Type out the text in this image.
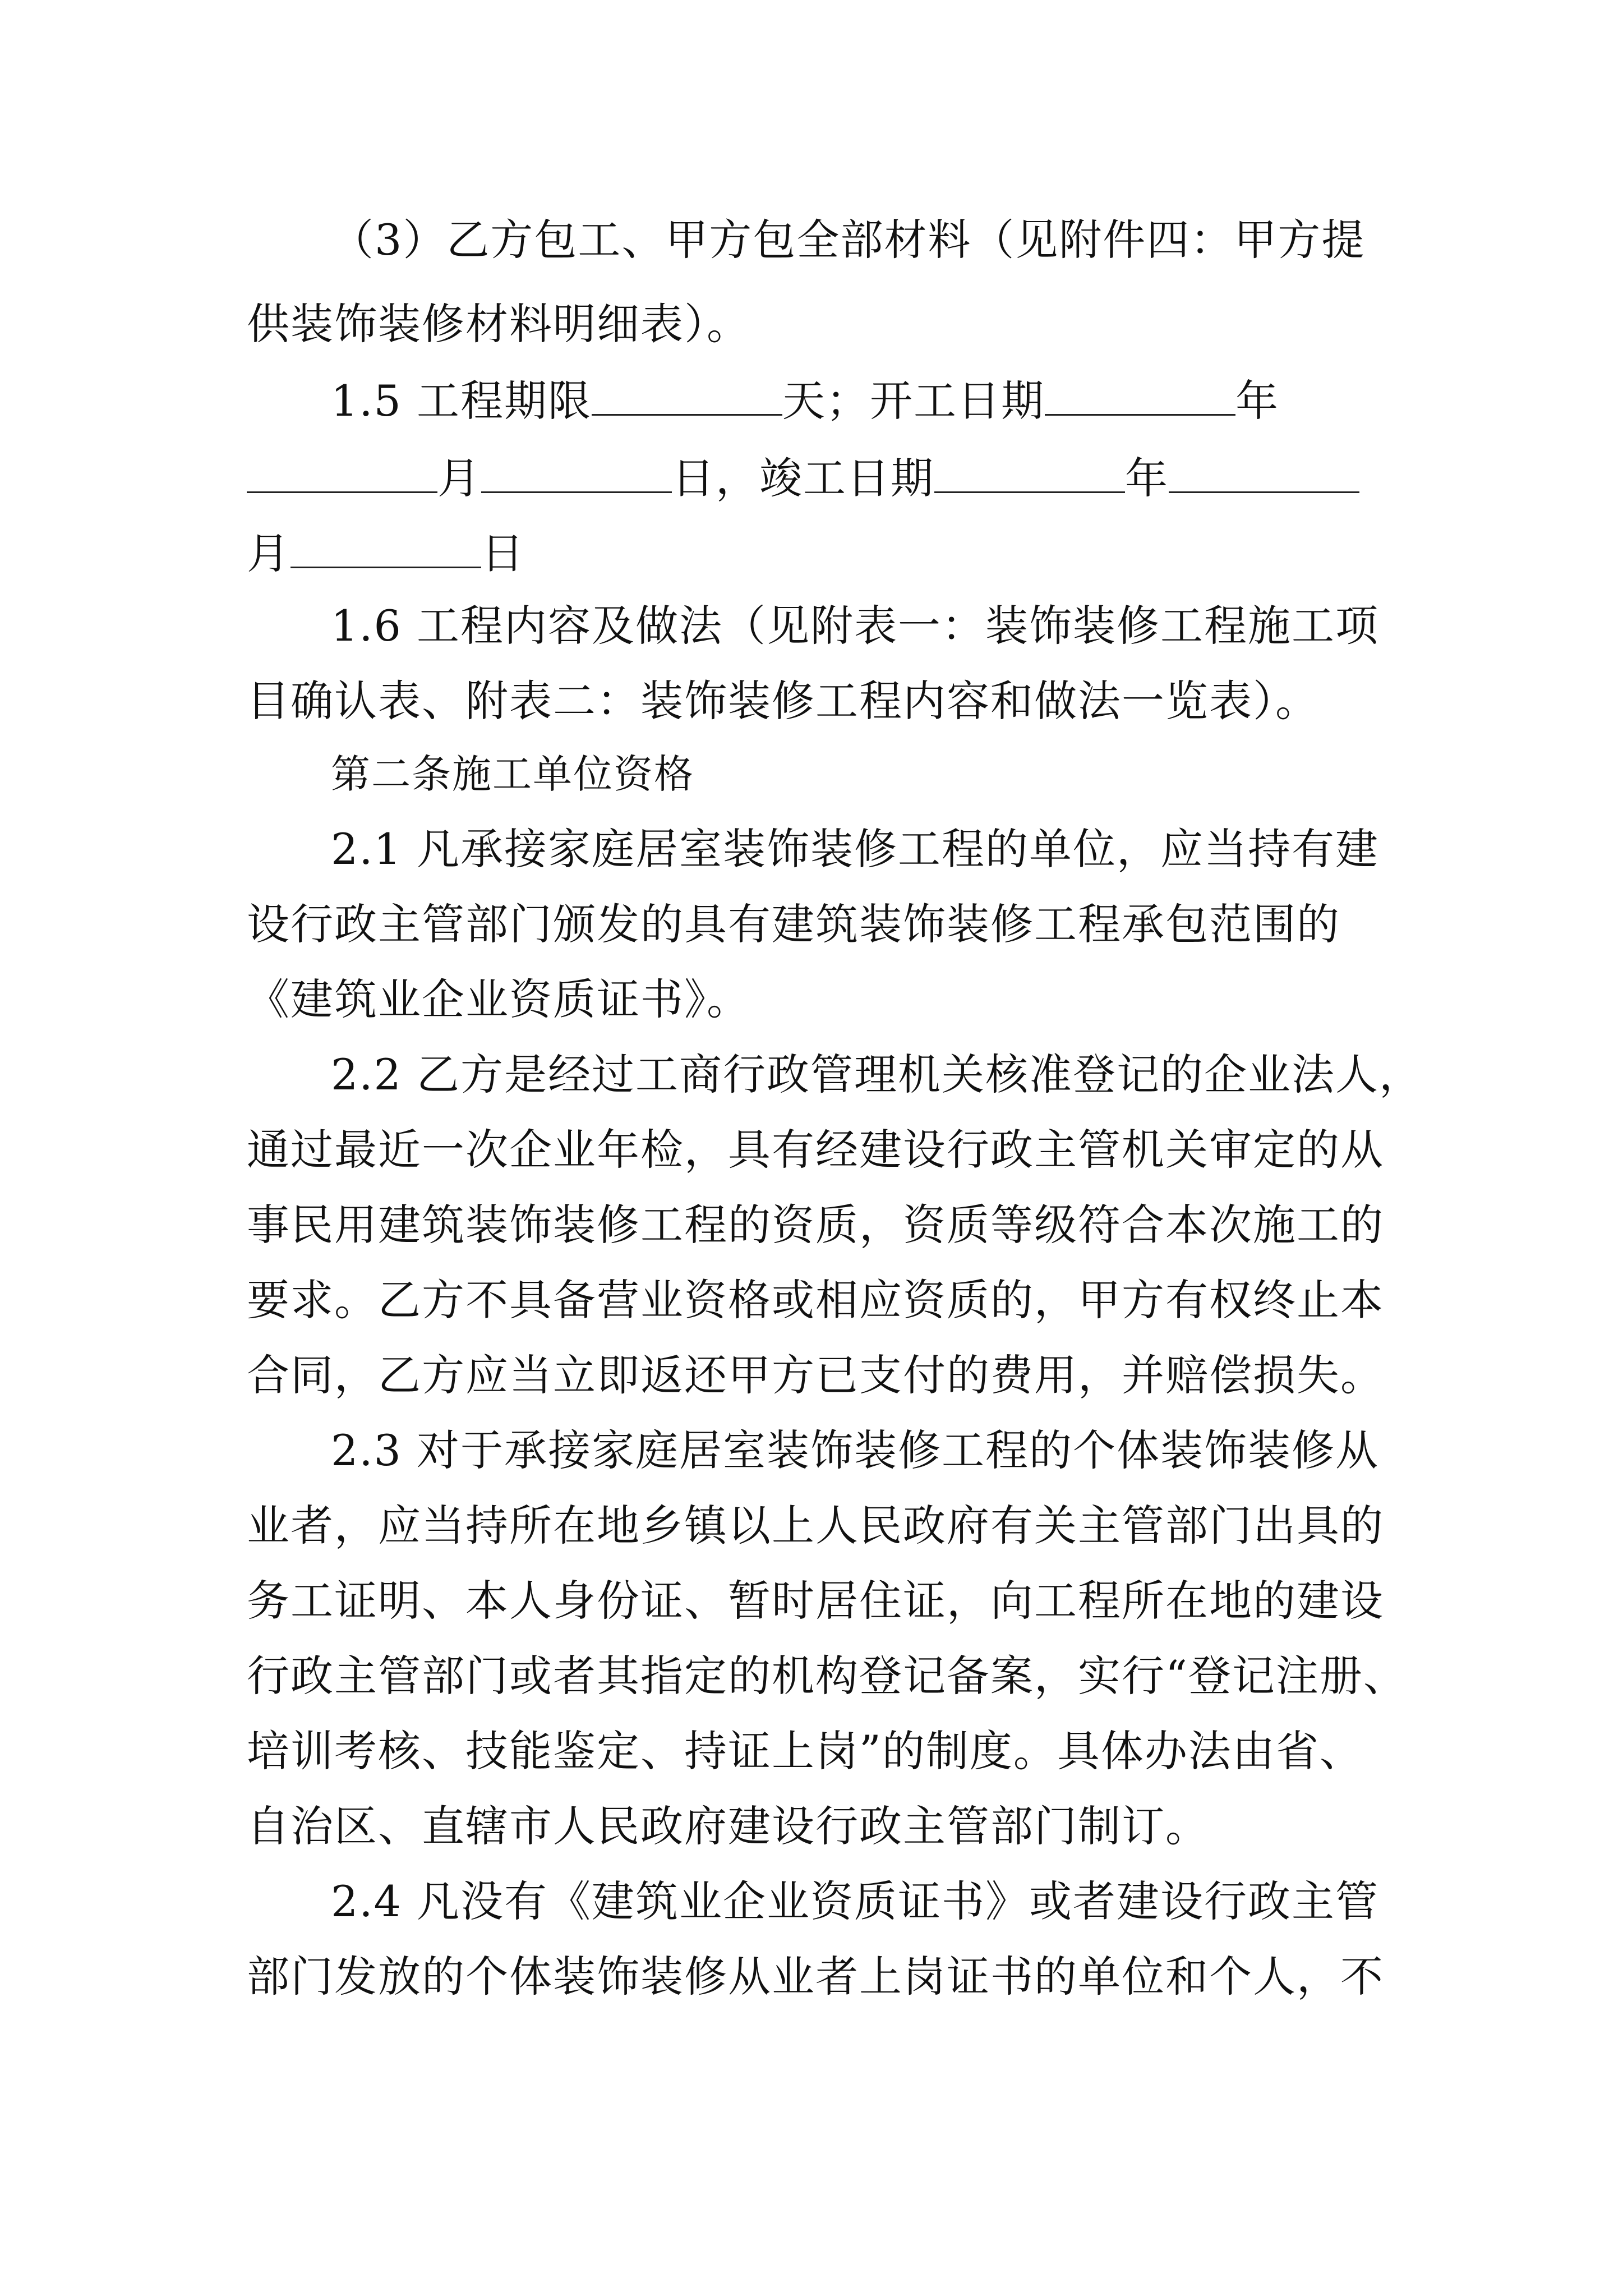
（3）乙方包工、甲方包全部材料（见附件四：甲方提
供装饰装修材料明细表）。
1.5 工程期限	天；开工日期	年
月	日，竣工日期	年
月	日
1.6 工程内容及做法（见附表一：装饰装修工程施工项
目确认表、附表二：装饰装修工程内容和做法一览表）。
第二条施工单位资格
2.1 凡承接家庭居室装饰装修工程的单位，应当持有建
设行政主管部门颁发的具有建筑装饰装修工程承包范围的
《建筑业企业资质证书》。
2.2 乙方是经过工商行政管理机关核准登记的企业法人，
通过最近一次企业年检，具有经建设行政主管机关审定的从
事民用建筑装饰装修工程的资质，资质等级符合本次施工的
要求。乙方不具备营业资格或相应资质的，甲方有权终止本
合同，乙方应当立即返还甲方已支付的费用，并赔偿损失。
2.3 对于承接家庭居室装饰装修工程的个体装饰装修从
业者，应当持所在地乡镇以上人民政府有关主管部门出具的
务工证明、本人身份证、暂时居住证，向工程所在地的建设
行政主管部门或者其指定的机构登记备案，实行“登记注册、
培训考核、技能鉴定、持证上岗”的制度。具体办法由省、
自治区、直辖市人民政府建设行政主管部门制订。
2.4 凡没有《建筑业企业资质证书》或者建设行政主管
部门发放的个体装饰装修从业者上岗证书的单位和个人，不
